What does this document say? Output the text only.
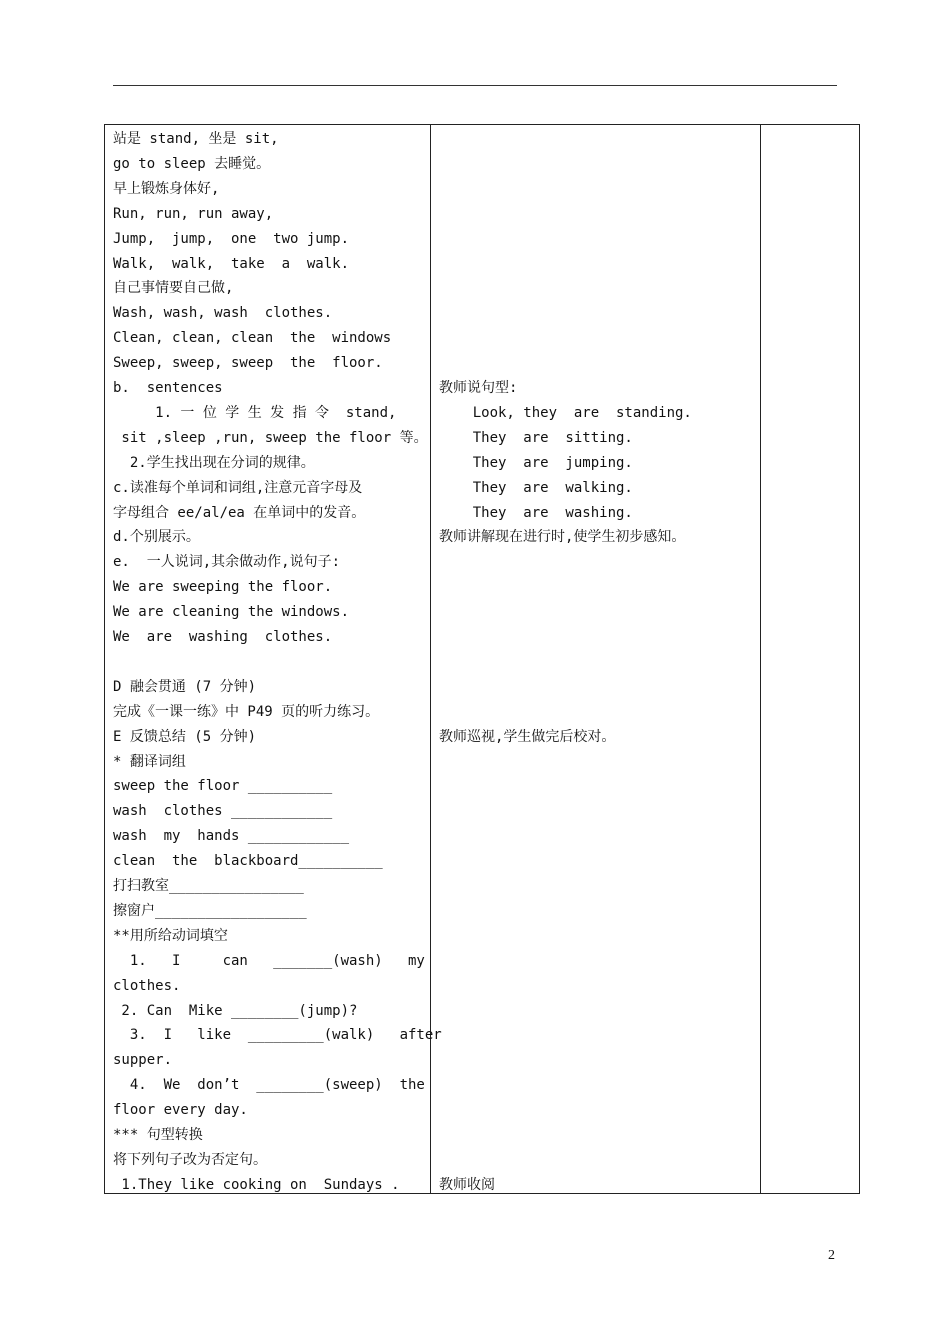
站是 stand, 坐是 sit,
go to sleep 去睡觉。
早上锻炼身体好,
Run, run, run away,
Jump,  jump,  one  two jump.
Walk,  walk,  take  a  walk.
自己事情要自己做,
Wash, wash, wash  clothes.
Clean, clean, clean  the  windows
Sweep, sweep, sweep  the  floor.
b.  sentences
1. 一 位 学 生 发 指 令  stand,
sit ,sleep ,run, sweep the floor 等。
2.学生找出现在分词的规律。
c.读准每个单词和词组,注意元音字母及
字母组合 ee/al/ea 在单词中的发音。
d.个别展示。
e.  一人说词,其余做动作,说句子:
We are sweeping the floor.
We are cleaning the windows.
We  are  washing  clothes.
D 融会贯通 (7 分钟)
完成《一课一练》中 P49 页的听力练习。
E 反馈总结 (5 分钟)
* 翻译词组
sweep the floor __________
wash  clothes ____________
wash  my  hands ____________
clean  the  blackboard__________
打扫教室________________
擦窗户__________________
**用所给动词填空
1.   I     can   _______(wash)   my
clothes.
2. Can  Mike ________(jump)?
3.  I   like  _________(walk)   after
supper.
4.  We  don’t  ________(sweep)  the
floor every day.
*** 句型转换
将下列句子改为否定句。
1.They like cooking on  Sundays .
教师说句型:
Look, they  are  standing.
They  are  sitting.
They  are  jumping.
They  are  walking.
They  are  washing.
教师讲解现在进行时,使学生初步感知。
教师巡视,学生做完后校对。
教师收阅
2
